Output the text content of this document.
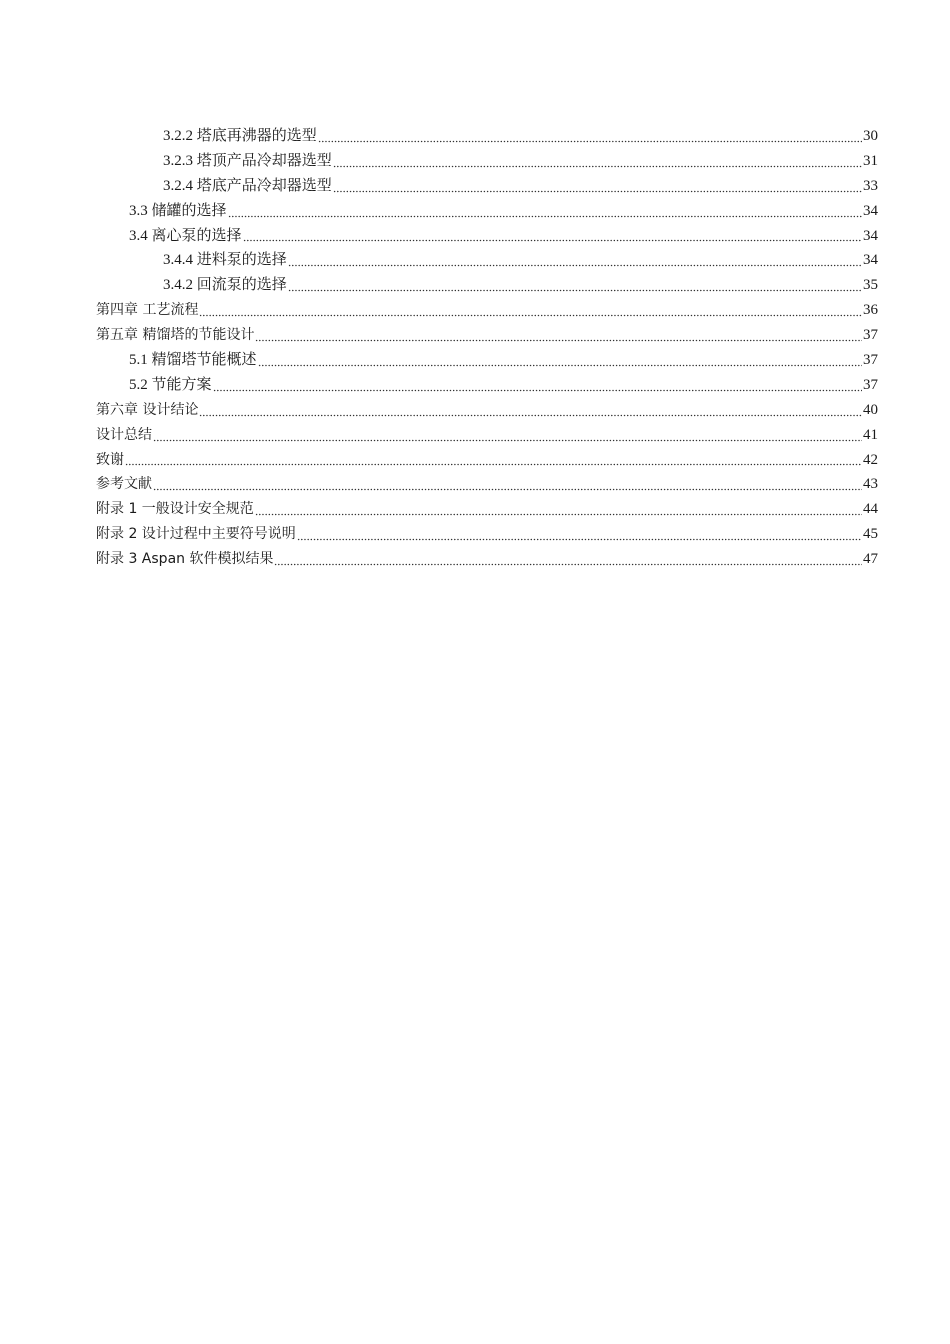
3.2.2 塔底再沸器的选型	30
3.2.3 塔顶产品冷却器选型	31
3.2.4 塔底产品冷却器选型	33
3.3 储罐的选择	34
3.4 离心泵的选择	34
3.4.4 进料泵的选择	34
3.4.2 回流泵的选择	35
第四章 工艺流程	36
第五章 精馏塔的节能设计	37
5.1 精馏塔节能概述	37
5.2 节能方案	37
第六章 设计结论	40
设计总结	41
致谢	42
参考文献	43
附录 1 一般设计安全规范	44
附录 2 设计过程中主要符号说明	45
附录 3 Aspan 软件模拟结果	47
